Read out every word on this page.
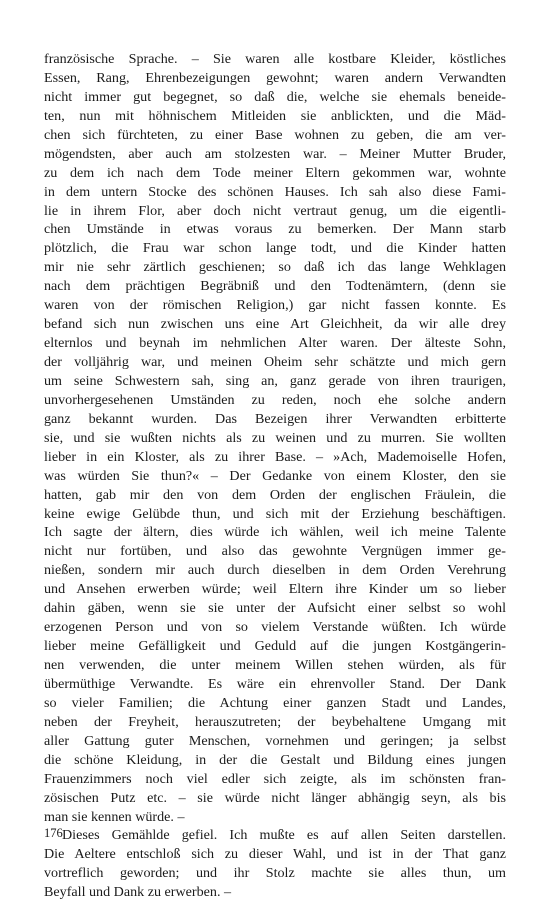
französische Sprache. – Sie waren alle kostbare Kleider, köstliches
Essen, Rang, Ehrenbezeigungen gewohnt; waren andern Verwandten
nicht immer gut begegnet, so daß die, welche sie ehemals beneide-
ten, nun mit höhnischem Mitleiden sie anblickten, und die Mäd-
chen sich fürchteten, zu einer Base wohnen zu geben, die am ver-
mögendsten, aber auch am stolzesten war. – Meiner Mutter Bruder,
zu dem ich nach dem Tode meiner Eltern gekommen war, wohnte
in dem untern Stocke des schönen Hauses. Ich sah also diese Fami-
lie in ihrem Flor, aber doch nicht vertraut genug, um die eigentli-
chen Umstände in etwas voraus zu bemerken. Der Mann starb
plötzlich, die Frau war schon lange todt, und die Kinder hatten
mir nie sehr zärtlich geschienen; so daß ich das lange Wehklagen
nach dem prächtigen Begräbniß und den Todtenämtern, (denn sie
waren von der römischen Religion,) gar nicht fassen konnte. Es
befand sich nun zwischen uns eine Art Gleichheit, da wir alle drey
elternlos und beynah im nehmlichen Alter waren. Der älteste Sohn,
der volljährig war, und meinen Oheim sehr schätzte und mich gern
um seine Schwestern sah, sing an, ganz gerade von ihren traurigen,
unvorhergesehenen Umständen zu reden, noch ehe solche andern
ganz bekannt wurden. Das Bezeigen ihrer Verwandten erbitterte
sie, und sie wußten nichts als zu weinen und zu murren. Sie wollten
lieber in ein Kloster, als zu ihrer Base. – »Ach, Mademoiselle Hofen,
was würden Sie thun?« – Der Gedanke von einem Kloster, den sie
hatten, gab mir den von dem Orden der englischen Fräulein, die
keine ewige Gelübde thun, und sich mit der Erziehung beschäftigen.
Ich sagte der ältern, dies würde ich wählen, weil ich meine Talente
nicht nur fortüben, und also das gewohnte Vergnügen immer ge-
nießen, sondern mir auch durch dieselben in dem Orden Verehrung
und Ansehen erwerben würde; weil Eltern ihre Kinder um so lieber
dahin gäben, wenn sie sie unter der Aufsicht einer selbst so wohl
erzogenen Person und von so vielem Verstande wüßten. Ich würde
lieber meine Gefälligkeit und Geduld auf die jungen Kostgängerin-
nen verwenden, die unter meinem Willen stehen würden, als für
übermüthige Verwandte. Es wäre ein ehrenvoller Stand. Der Dank
so vieler Familien; die Achtung einer ganzen Stadt und Landes,
neben der Freyheit, herauszutreten; der beybehaltene Umgang mit
aller Gattung guter Menschen, vornehmen und geringen; ja selbst
die schöne Kleidung, in der die Gestalt und Bildung eines jungen
Frauenzimmers noch viel edler sich zeigte, als im schönsten fran-
zösischen Putz etc. – sie würde nicht länger abhängig seyn, als bis
man sie kennen würde. –
Dieses Gemählde gefiel. Ich mußte es auf allen Seiten darstellen.
Die Aeltere entschloß sich zu dieser Wahl, und ist in der That ganz
vortreflich geworden; und ihr Stolz machte sie alles thun, um
Beyfall und Dank zu erwerben. –
176
